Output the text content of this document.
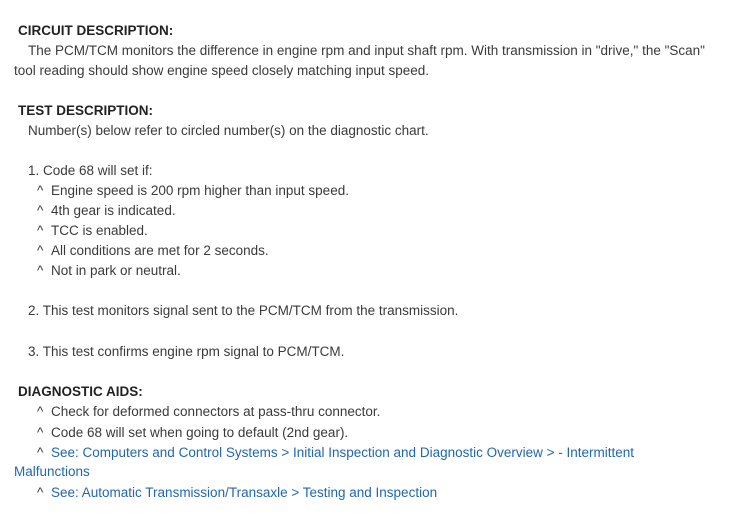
CIRCUIT DESCRIPTION:
The PCM/TCM monitors the difference in engine rpm and input shaft rpm. With transmission in "drive," the "Scan"
tool reading should show engine speed closely matching input speed.
TEST DESCRIPTION:
Number(s) below refer to circled number(s) on the diagnostic chart.
1. Code 68 will set if:
^ Engine speed is 200 rpm higher than input speed.
^ 4th gear is indicated.
^ TCC is enabled.
^ All conditions are met for 2 seconds.
^ Not in park or neutral.
2. This test monitors signal sent to the PCM/TCM from the transmission.
3. This test confirms engine rpm signal to PCM/TCM.
DIAGNOSTIC AIDS:
^ Check for deformed connectors at pass-thru connector.
^ Code 68 will set when going to default (2nd gear).
^ See: Computers and Control Systems > Initial Inspection and Diagnostic Overview > - Intermittent
Malfunctions
^ See: Automatic Transmission/Transaxle > Testing and Inspection
